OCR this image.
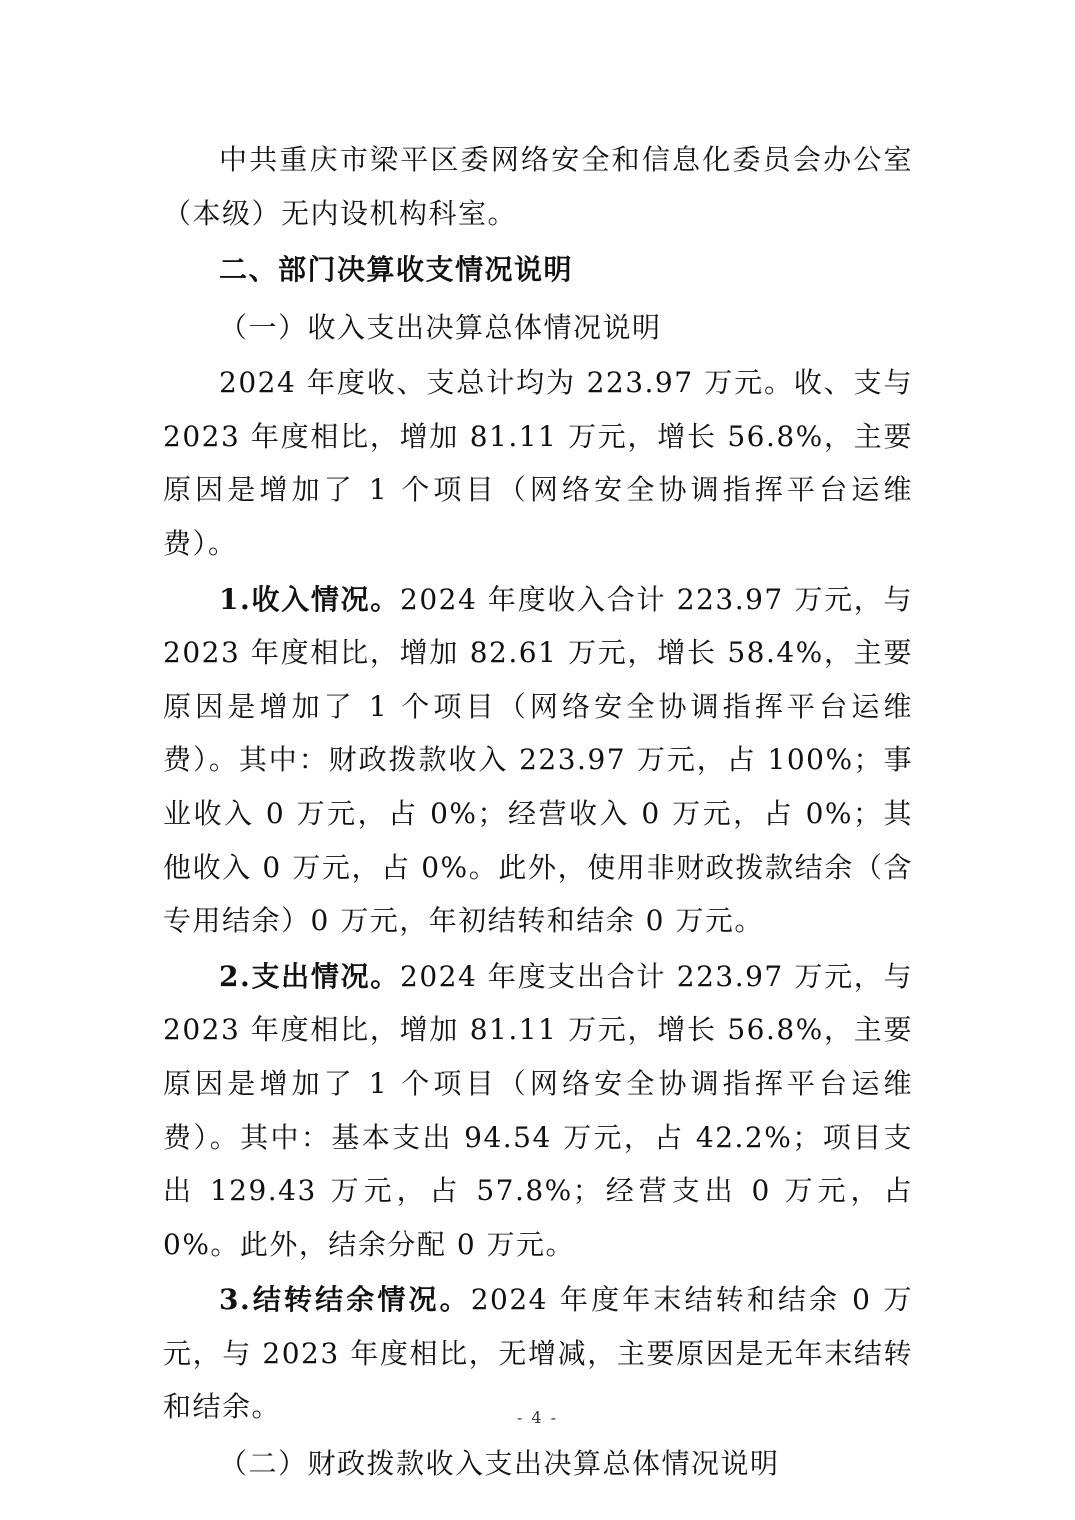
中共重庆市梁平区委网络安全和信息化委员会办公室（本级）无内设机构科室。

二、部门决算收支情况说明

（一）收入支出决算总体情况说明

2024 年度收、支总计均为 223.97 万元。收、支与 2023 年度相比，增加 81.11 万元，增长 56.8%，主要原因是增加了 1 个项目（网络安全协调指挥平台运维费）。

1.收入情况。2024 年度收入合计 223.97 万元，与 2023 年度相比，增加 82.61 万元，增长 58.4%，主要原因是增加了 1 个项目（网络安全协调指挥平台运维费）。其中：财政拨款收入 223.97 万元，占 100%；事业收入 0 万元，占 0%；经营收入 0 万元，占 0%；其他收入 0 万元，占 0%。此外，使用非财政拨款结余（含专用结余）0 万元，年初结转和结余 0 万元。

2.支出情况。2024 年度支出合计 223.97 万元，与 2023 年度相比，增加 81.11 万元，增长 56.8%，主要原因是增加了 1 个项目（网络安全协调指挥平台运维费）。其中：基本支出 94.54 万元，占 42.2%；项目支出 129.43 万元，占 57.8%；经营支出 0 万元，占 0%。此外，结余分配 0 万元。

3.结转结余情况。2024 年度年末结转和结余 0 万元，与 2023 年度相比，无增减，主要原因是无年末结转和结余。

（二）财政拨款收入支出决算总体情况说明

- 4 -
